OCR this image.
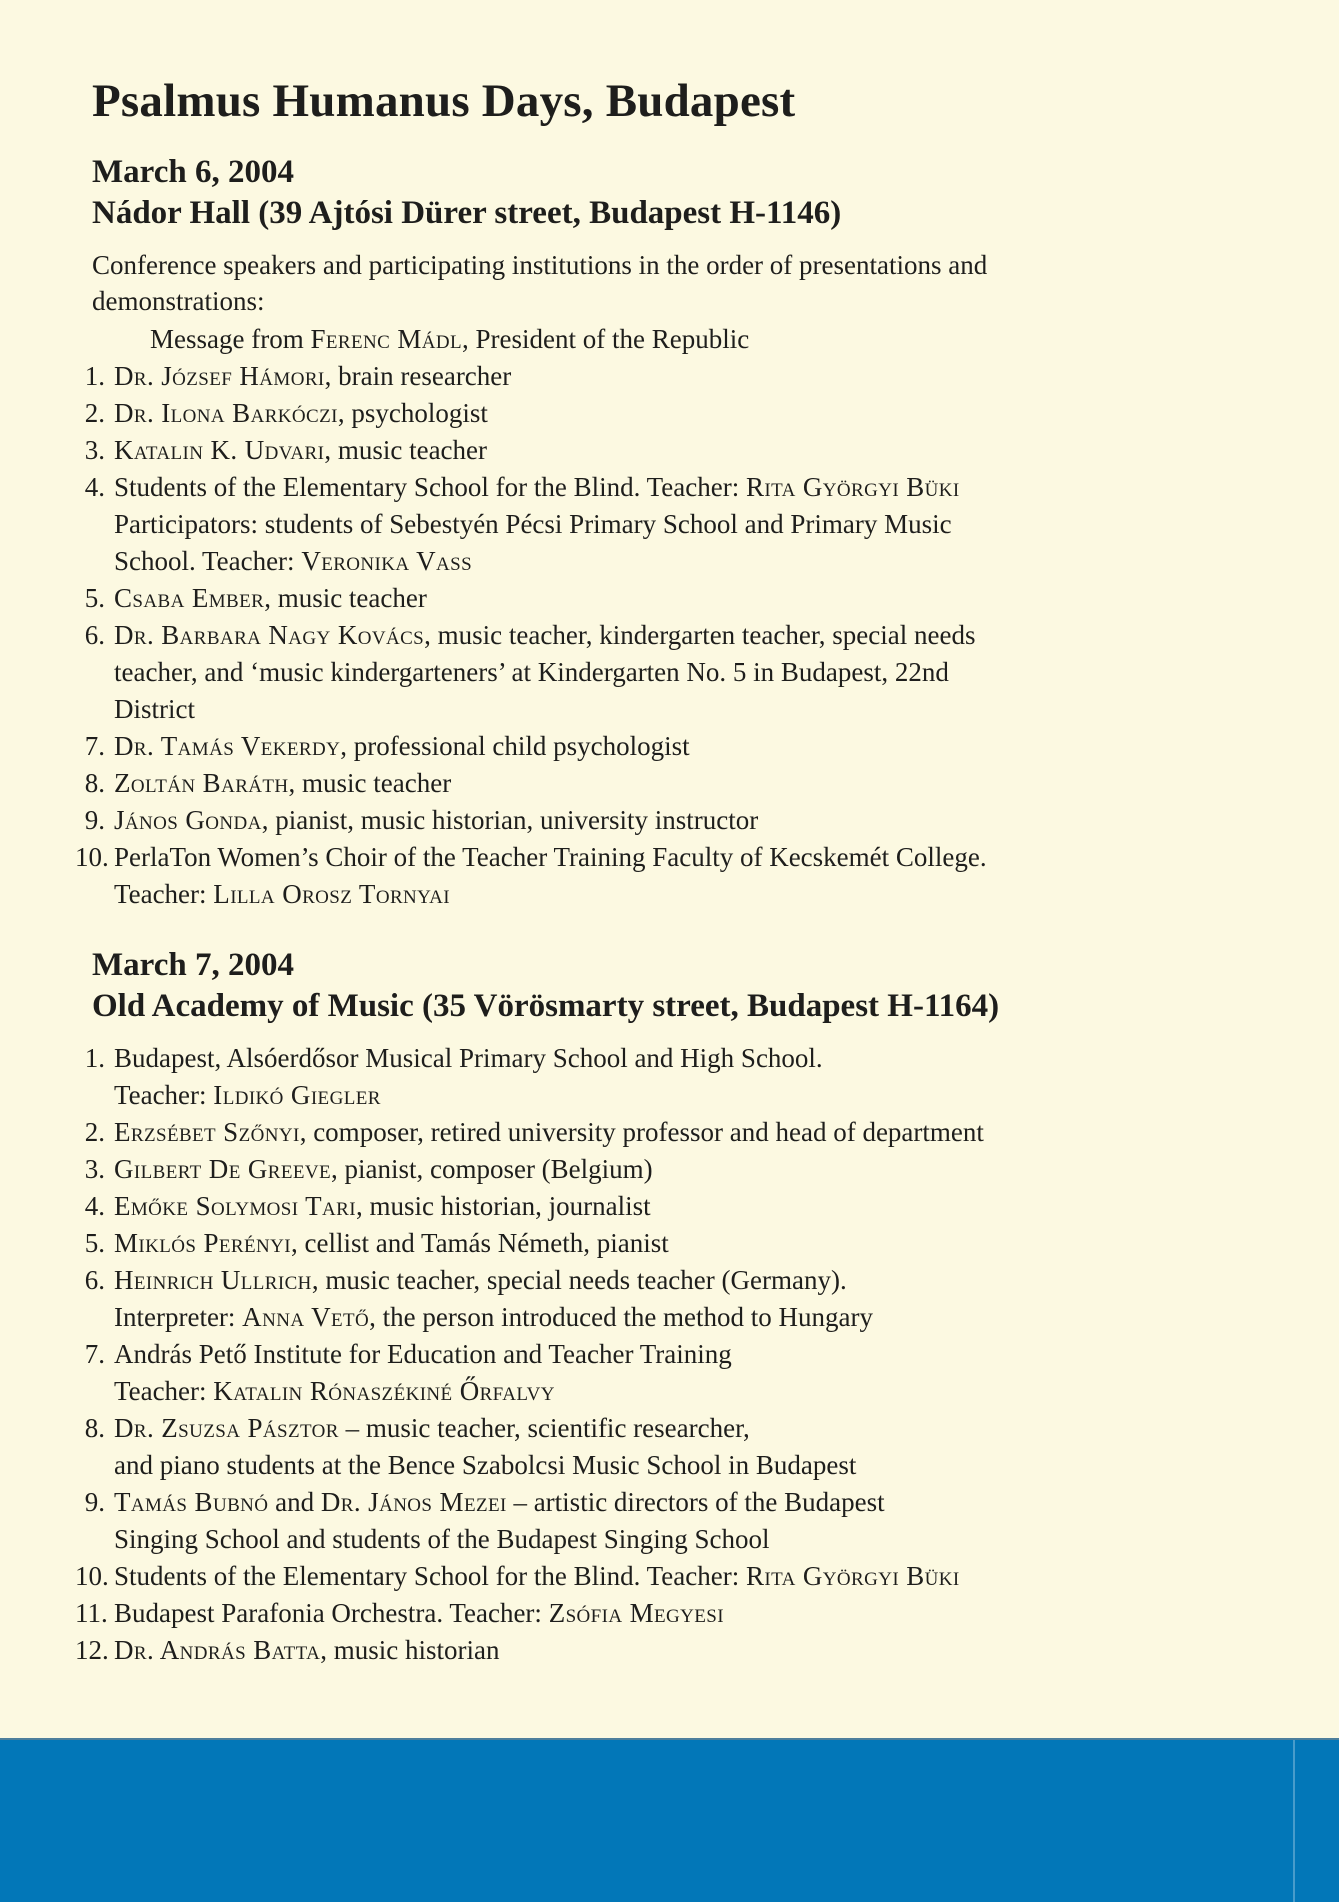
Psalmus Humanus Days, Budapest
March 6, 2004
Nádor Hall (39 Ajtósi Dürer street, Budapest H-1146)

Conference speakers and participating institutions in the order of presentations and
demonstrations:

Message from Ferenc Mádl, President of the Republic

1. Dr. József Hámori, brain researcher
2. Dr. Ilona Barkóczi, psychologist
3. Katalin K. Udvari, music teacher
4. Students of the Elementary School for the Blind. Teacher: Rita Györgyi Büki
Participators: students of Sebestyén Pécsi Primary School and Primary Music
School. Teacher: Veronika Vass
5. Csaba Ember, music teacher
6. Dr. Barbara Nagy Kovács, music teacher, kindergarten teacher, special needs
teacher, and ‘music kindergarteners’ at Kindergarten No. 5 in Budapest, 22nd
District
7. Dr. Tamás Vekerdy, professional child psychologist
8. Zoltán Baráth, music teacher
9. János Gonda, pianist, music historian, university instructor
10. PerlaTon Women’s Choir of the Teacher Training Faculty of Kecskemét College.
Teacher: Lilla Orosz Tornyai
March 7, 2004
Old Academy of Music (35 Vörösmarty street, Budapest H-1164)
1. Budapest, Alsóerdősor Musical Primary School and High School.
Teacher: Ildikó Giegler
2. Erzsébet Szőnyi, composer, retired university professor and head of department
3. Gilbert De Greeve, pianist, composer (Belgium)
4. Emőke Solymosi Tari, music historian, journalist
5. Miklós Perényi, cellist and Tamás Németh, pianist
6. Heinrich Ullrich, music teacher, special needs teacher (Germany).
Interpreter: Anna Vető, the person introduced the method to Hungary
7. András Pető Institute for Education and Teacher Training
Teacher: Katalin Rónaszékiné Őrfalvy
8. Dr. Zsuzsa Pásztor – music teacher, scientific researcher,
and piano students at the Bence Szabolcsi Music School in Budapest
9. Tamás Bubnó and Dr. János Mezei – artistic directors of the Budapest
Singing School and students of the Budapest Singing School
10. Students of the Elementary School for the Blind. Teacher: Rita Györgyi Büki
11. Budapest Parafonia Orchestra. Teacher: Zsófia Megyesi
12. Dr. András Batta, music historian
